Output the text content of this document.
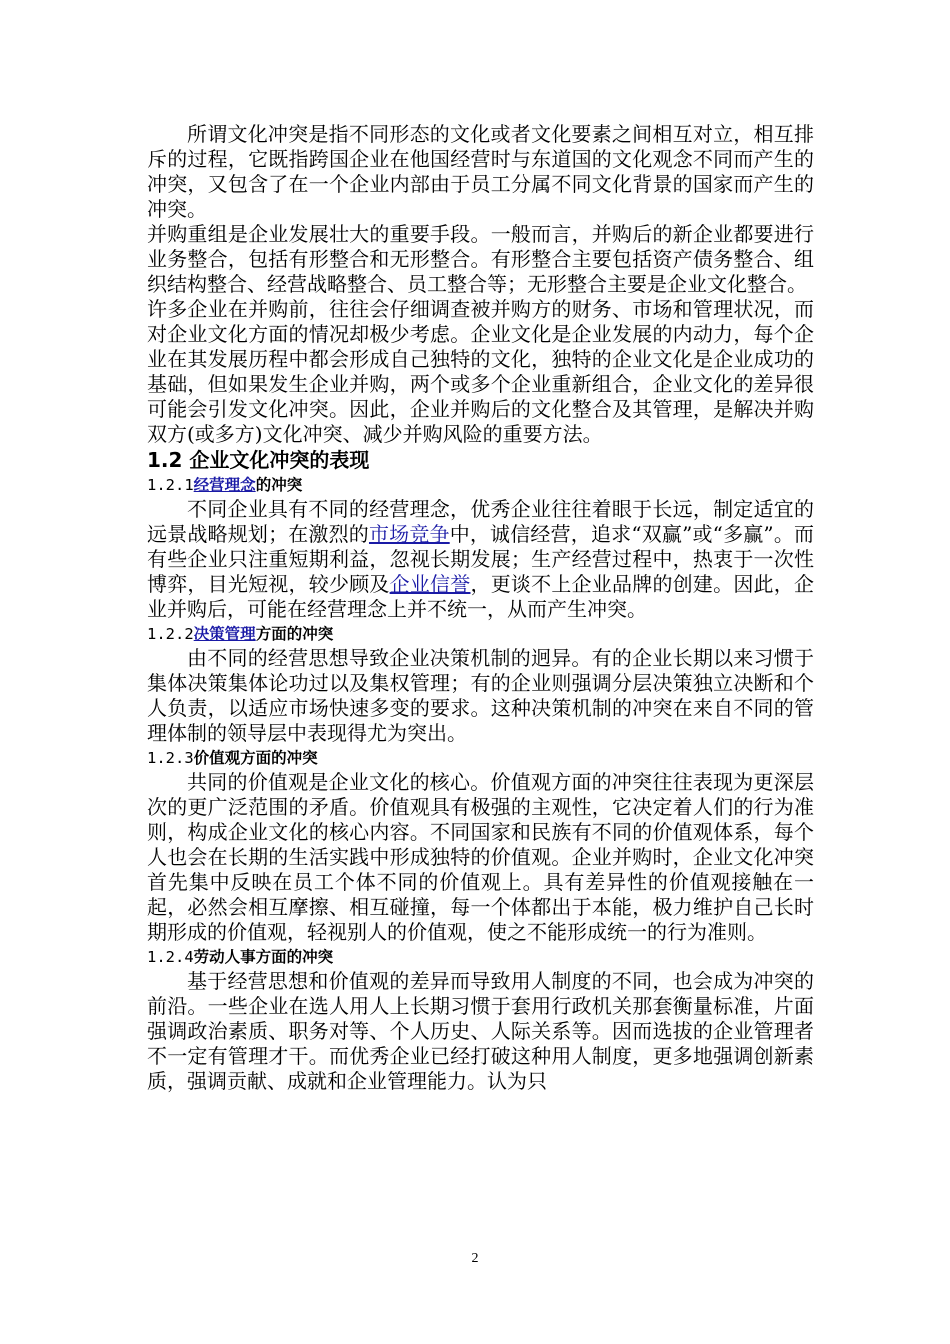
所谓文化冲突是指不同形态的文化或者文化要素之间相互对立，相互排斥的过程，它既指跨国企业在他国经营时与东道国的文化观念不同而产生的冲突，又包含了在一个企业内部由于员工分属不同文化背景的国家而产生的冲突。

并购重组是企业发展壮大的重要手段。一般而言，并购后的新企业都要进行业务整合，包括有形整合和无形整合。有形整合主要包括资产债务整合、组织结构整合、经营战略整合、员工整合等；无形整合主要是企业文化整合。

许多企业在并购前，往往会仔细调查被并购方的财务、市场和管理状况，而对企业文化方面的情况却极少考虑。企业文化是企业发展的内动力，每个企业在其发展历程中都会形成自己独特的文化，独特的企业文化是企业成功的基础，但如果发生企业并购，两个或多个企业重新组合，企业文化的差异很可能会引发文化冲突。因此，企业并购后的文化整合及其管理，是解决并购双方(或多方)文化冲突、减少并购风险的重要方法。

1.2 企业文化冲突的表现

1.2.1经营理念的冲突

不同企业具有不同的经营理念，优秀企业往往着眼于长远，制定适宜的远景战略规划；在激烈的市场竞争中，诚信经营，追求“双赢”或“多赢”。而有些企业只注重短期利益，忽视长期发展；生产经营过程中，热衷于一次性博弈，目光短视，较少顾及企业信誉，更谈不上企业品牌的创建。因此，企业并购后，可能在经营理念上并不统一，从而产生冲突。

1.2.2决策管理方面的冲突

由不同的经营思想导致企业决策机制的迥异。有的企业长期以来习惯于集体决策集体论功过以及集权管理；有的企业则强调分层决策独立决断和个人负责，以适应市场快速多变的要求。这种决策机制的冲突在来自不同的管理体制的领导层中表现得尤为突出。

1.2.3价值观方面的冲突

共同的价值观是企业文化的核心。价值观方面的冲突往往表现为更深层次的更广泛范围的矛盾。价值观具有极强的主观性，它决定着人们的行为准则，构成企业文化的核心内容。不同国家和民族有不同的价值观体系，每个人也会在长期的生活实践中形成独特的价值观。企业并购时，企业文化冲突首先集中反映在员工个体不同的价值观上。具有差异性的价值观接触在一起，必然会相互摩擦、相互碰撞，每一个体都出于本能，极力维护自己长时期形成的价值观，轻视别人的价值观，使之不能形成统一的行为准则。

1.2.4劳动人事方面的冲突

基于经营思想和价值观的差异而导致用人制度的不同，也会成为冲突的前沿。一些企业在选人用人上长期习惯于套用行政机关那套衡量标准，片面强调政治素质、职务对等、个人历史、人际关系等。因而选拔的企业管理者不一定有管理才干。而优秀企业已经打破这种用人制度，更多地强调创新素质，强调贡献、成就和企业管理能力。认为只

2
